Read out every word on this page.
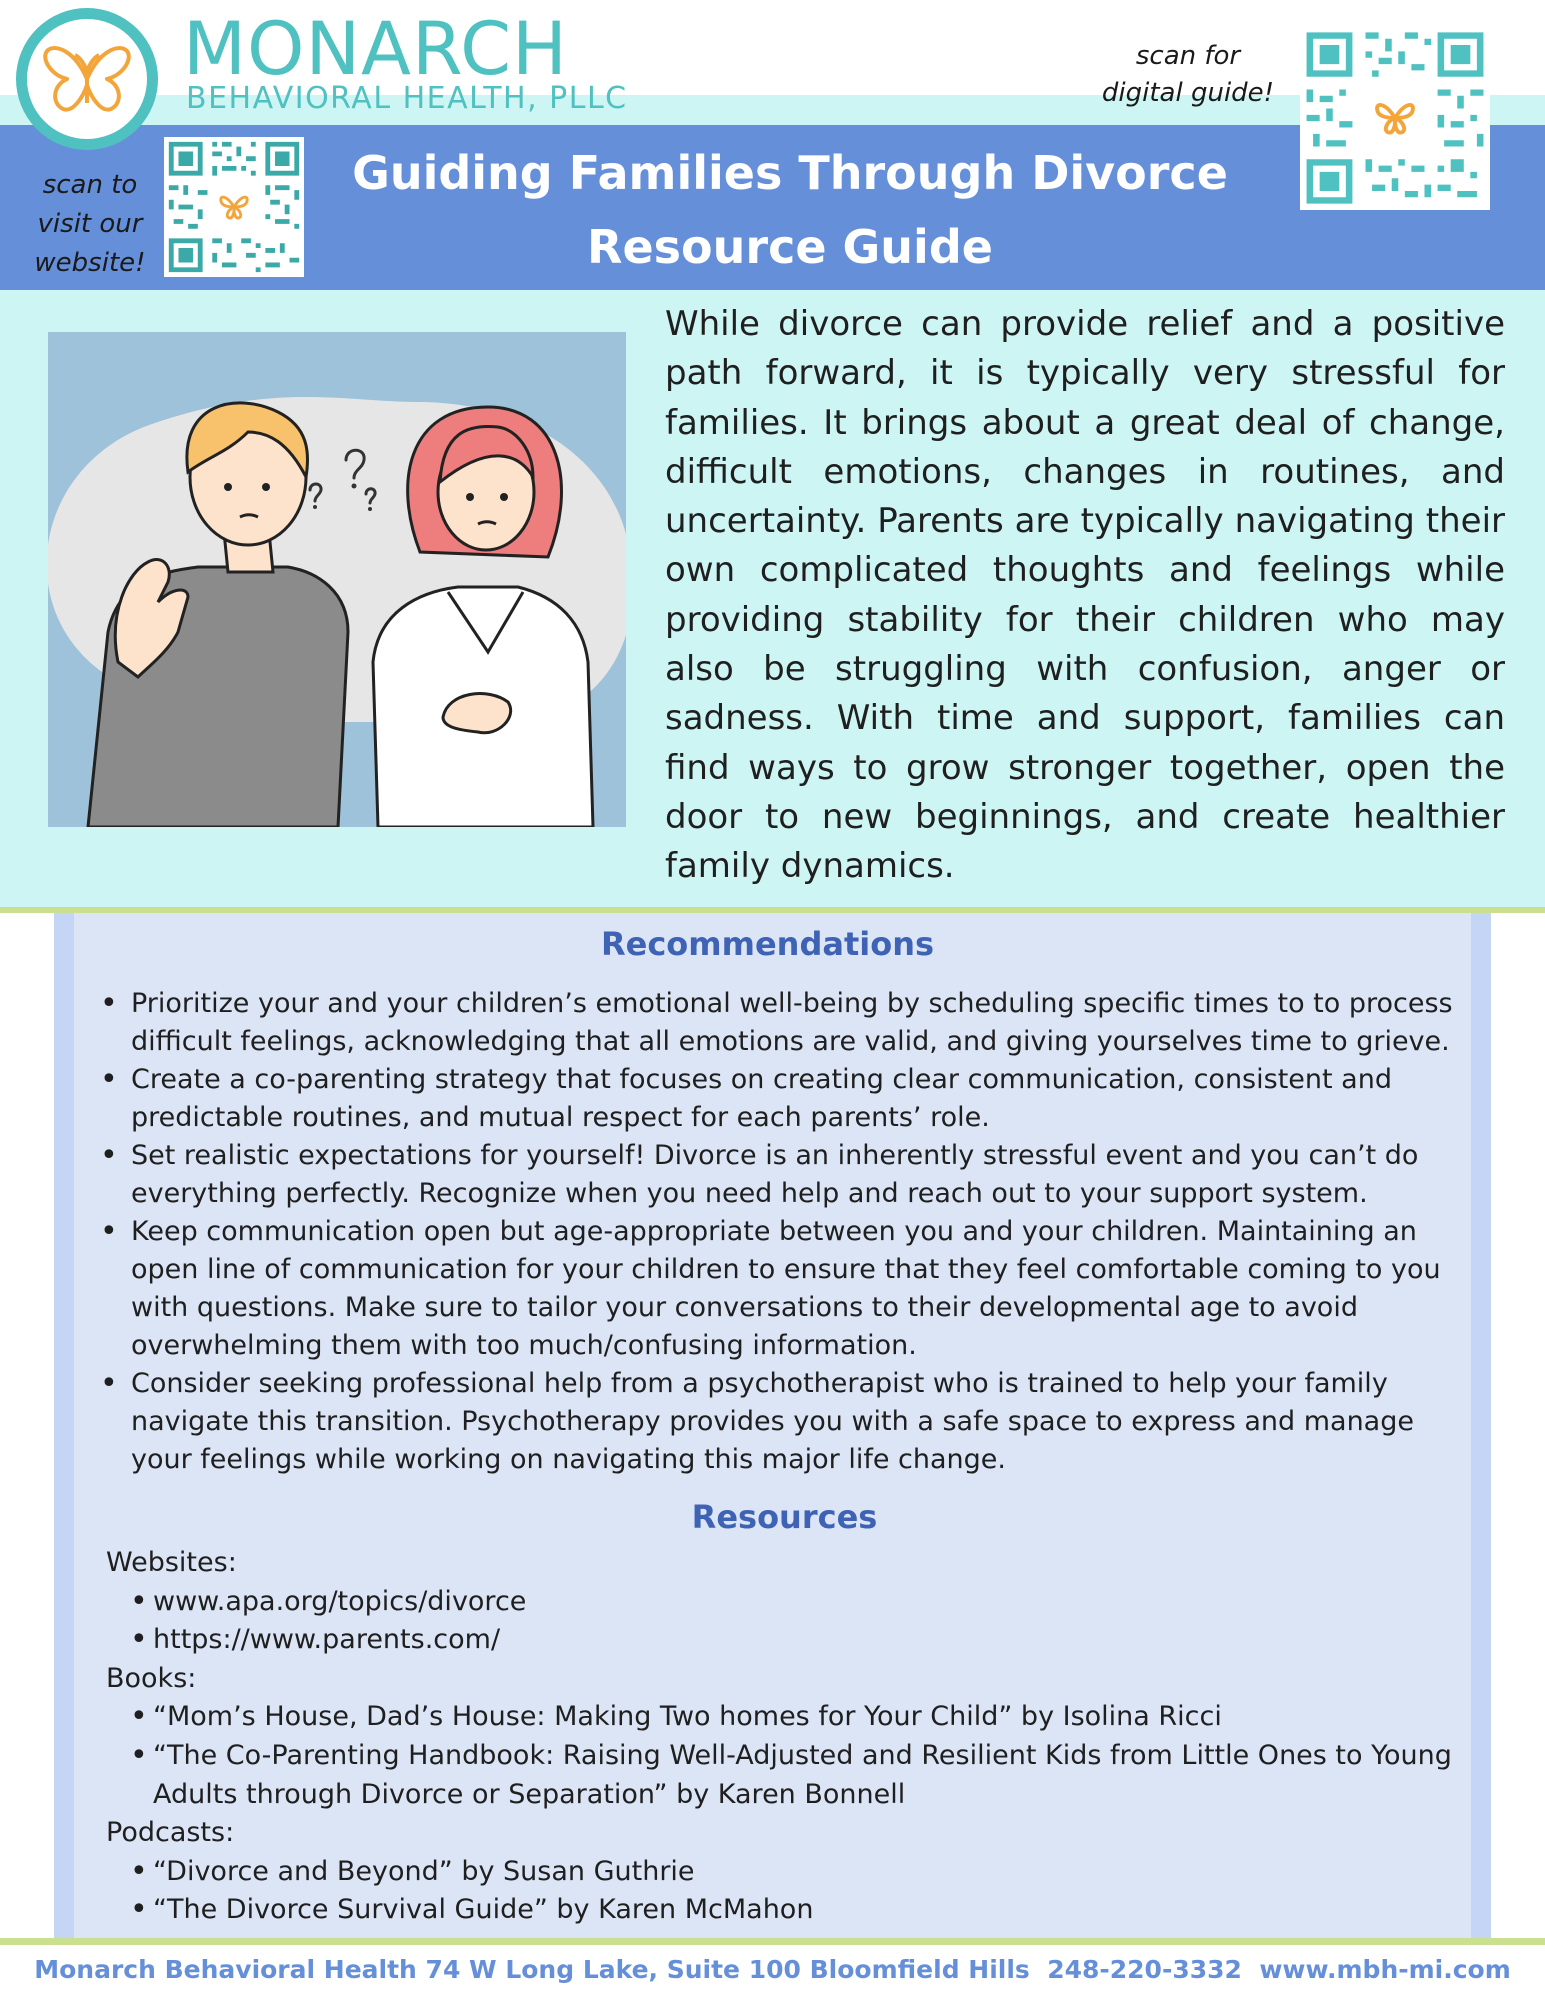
MONARCH
BEHAVIORAL HEALTH, PLLC
scan to
visit our
website!
scan for
digital guide!
Guiding Families Through Divorce
Resource Guide
While divorce can provide relief and a positive path forward, it is typically very stressful for families. It brings about a great deal of change, difficult emotions, changes in routines, and uncertainty. Parents are typically navigating their own complicated thoughts and feelings while providing stability for their children who may also be struggling with confusion, anger or sadness. With time and support, families can find ways to grow stronger together, open the door to new beginnings, and create healthier family dynamics.
Recommendations
• Prioritize your and your children’s emotional well-being by scheduling specific times to to process difficult feelings, acknowledging that all emotions are valid, and giving yourselves time to grieve.
• Create a co-parenting strategy that focuses on creating clear communication, consistent and predictable routines, and mutual respect for each parents’ role.
• Set realistic expectations for yourself! Divorce is an inherently stressful event and you can’t do everything perfectly. Recognize when you need help and reach out to your support system.
• Keep communication open but age-appropriate between you and your children. Maintaining an open line of communication for your children to ensure that they feel comfortable coming to you with questions. Make sure to tailor your conversations to their developmental age to avoid overwhelming them with too much/confusing information.
• Consider seeking professional help from a psychotherapist who is trained to help your family navigate this transition. Psychotherapy provides you with a safe space to express and manage your feelings while working on navigating this major life change.
Resources
Websites:
• www.apa.org/topics/divorce
• https://www.parents.com/
Books:
• “Mom’s House, Dad’s House: Making Two homes for Your Child” by Isolina Ricci
• “The Co-Parenting Handbook: Raising Well-Adjusted and Resilient Kids from Little Ones to Young Adults through Divorce or Separation” by Karen Bonnell
Podcasts:
• “Divorce and Beyond” by Susan Guthrie
• “The Divorce Survival Guide” by Karen McMahon
Monarch Behavioral Health 74 W Long Lake, Suite 100 Bloomfield Hills  248-220-3332  www.mbh-mi.com
